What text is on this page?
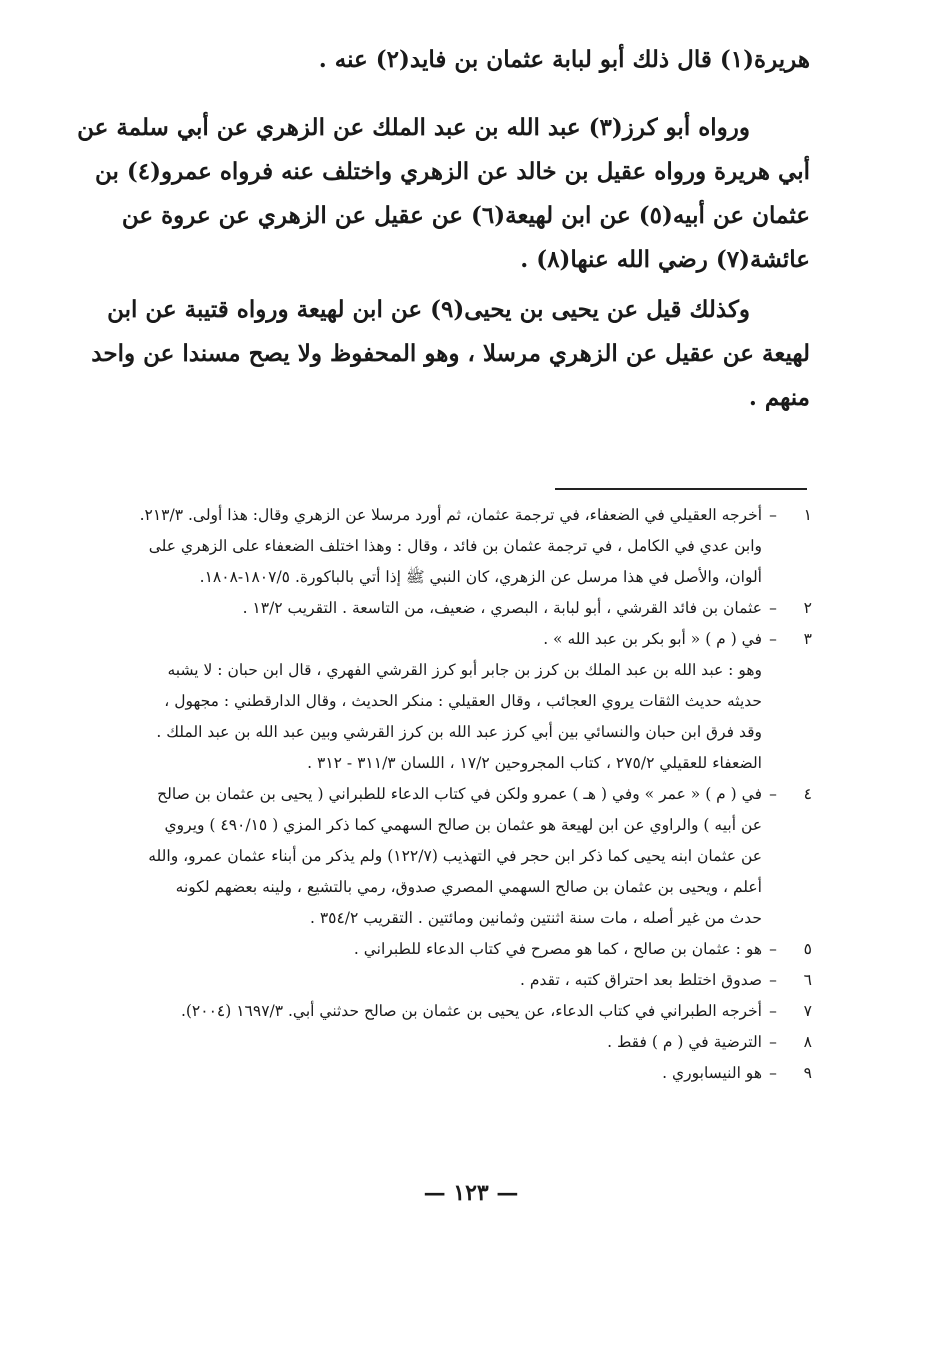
هريرة(١) قال ذلك أبو لبابة عثمان بن فايد(٢) عنه .
ورواه أبو كرز(٣) عبد الله بن عبد الملك عن الزهري عن أبي سلمة عن
أبي هريرة ورواه عقيل بن خالد عن الزهري واختلف عنه فرواه عمرو(٤) بن
عثمان عن أبيه(٥) عن ابن لهيعة(٦) عن عقيل عن الزهري عن عروة عن
عائشة(٧) رضي الله عنها(٨) .
وكذلك قيل عن يحيى بن يحيى(٩) عن ابن لهيعة ورواه قتيبة عن ابن
لهيعة عن عقيل عن الزهري مرسلا ، وهو المحفوظ ولا يصح مسندا عن واحد
منهم .
١
–
أخرجه العقيلي في الضعفاء، في ترجمة عثمان، ثم أورد مرسلا عن الزهري وقال: هذا أولى. ٢١٣/٣.
وابن عدي في الكامل ، في ترجمة عثمان بن فائد ، وقال : وهذا اختلف الضعفاء على الزهري على
ألوان، والأصل في هذا مرسل عن الزهري، كان النبي ﷺ إذا أتي بالباكورة. ١٨٠٧/٥-١٨٠٨.
٢
–
عثمان بن فائد القرشي ، أبو لبابة ، البصري ، ضعيف، من التاسعة . التقريب ١٣/٢ .
٣
–
في ( م ) « أبو بكر بن عبد الله » .
وهو : عبد الله بن عبد الملك بن كرز بن جابر أبو كرز القرشي الفهري ، قال ابن حبان : لا يشبه
حديثه حديث الثقات يروي العجائب ، وقال العقيلي : منكر الحديث ، وقال الدارقطني : مجهول ،
وقد فرق ابن حبان والنسائي بين أبي كرز عبد الله بن كرز القرشي وبين عبد الله بن عبد الملك .
الضعفاء للعقيلي ٢٧٥/٢ ، كتاب المجروحين ١٧/٢ ، اللسان ٣١١/٣ - ٣١٢ .
٤
–
في ( م ) « عمر » وفي ( هـ ) عمرو ولكن في كتاب الدعاء للطبراني ( يحيى بن عثمان بن صالح
عن أبيه ) والراوي عن ابن لهيعة هو عثمان بن صالح السهمي كما ذكر المزي ( ٤٩٠/١٥ ) ويروي
عن عثمان ابنه يحيى كما ذكر ابن حجر في التهذيب (١٢٢/٧) ولم يذكر من أبناء عثمان عمرو، والله
أعلم ، ويحيى بن عثمان بن صالح السهمي المصري صدوق، رمي بالتشيع ، ولينه بعضهم لكونه
حدث من غير أصله ، مات سنة اثنتين وثمانين ومائتين . التقريب ٣٥٤/٢ .
٥
–
هو : عثمان بن صالح ، كما هو مصرح في كتاب الدعاء للطبراني .
٦
–
صدوق اختلط بعد احتراق كتبه ، تقدم .
٧
–
أخرجه الطبراني في كتاب الدعاء، عن يحيى بن عثمان بن صالح حدثني أبي. ١٦٩٧/٣ (٢٠٠٤).
٨
–
الترضية في ( م ) فقط .
٩
–
هو النيسابوري .
— ١٢٣ —
